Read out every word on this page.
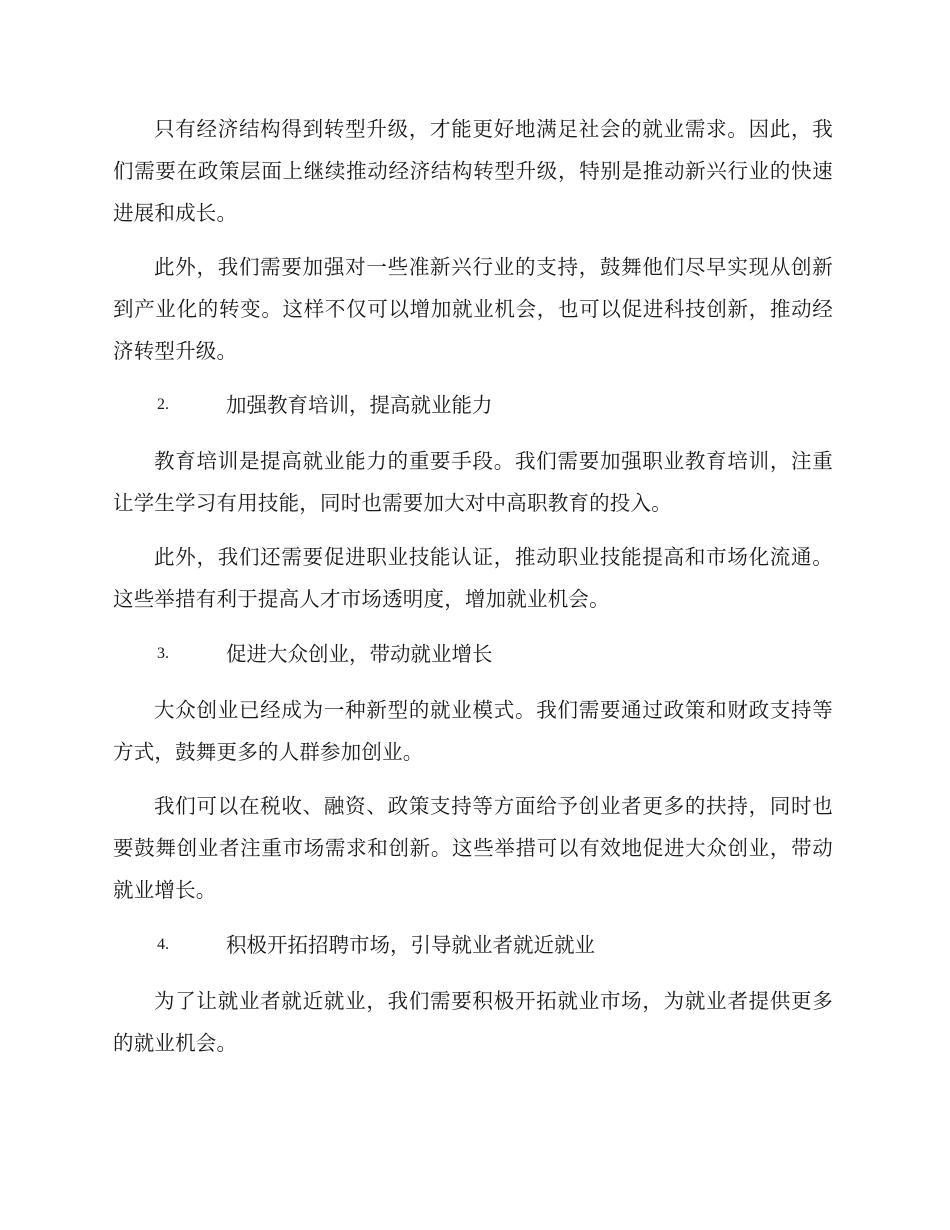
只有经济结构得到转型升级，才能更好地满足社会的就业需求。因此，我们需要在政策层面上继续推动经济结构转型升级，特别是推动新兴行业的快速进展和成长。

此外，我们需要加强对一些准新兴行业的支持，鼓舞他们尽早实现从创新到产业化的转变。这样不仅可以增加就业机会，也可以促进科技创新，推动经济转型升级。

2.	加强教育培训，提高就业能力

教育培训是提高就业能力的重要手段。我们需要加强职业教育培训，注重让学生学习有用技能，同时也需要加大对中高职教育的投入。

此外，我们还需要促进职业技能认证，推动职业技能提高和市场化流通。这些举措有利于提高人才市场透明度，增加就业机会。

3.	促进大众创业，带动就业增长

大众创业已经成为一种新型的就业模式。我们需要通过政策和财政支持等方式，鼓舞更多的人群参加创业。

我们可以在税收、融资、政策支持等方面给予创业者更多的扶持，同时也要鼓舞创业者注重市场需求和创新。这些举措可以有效地促进大众创业，带动就业增长。

4.	积极开拓招聘市场，引导就业者就近就业

为了让就业者就近就业，我们需要积极开拓就业市场，为就业者提供更多的就业机会。
